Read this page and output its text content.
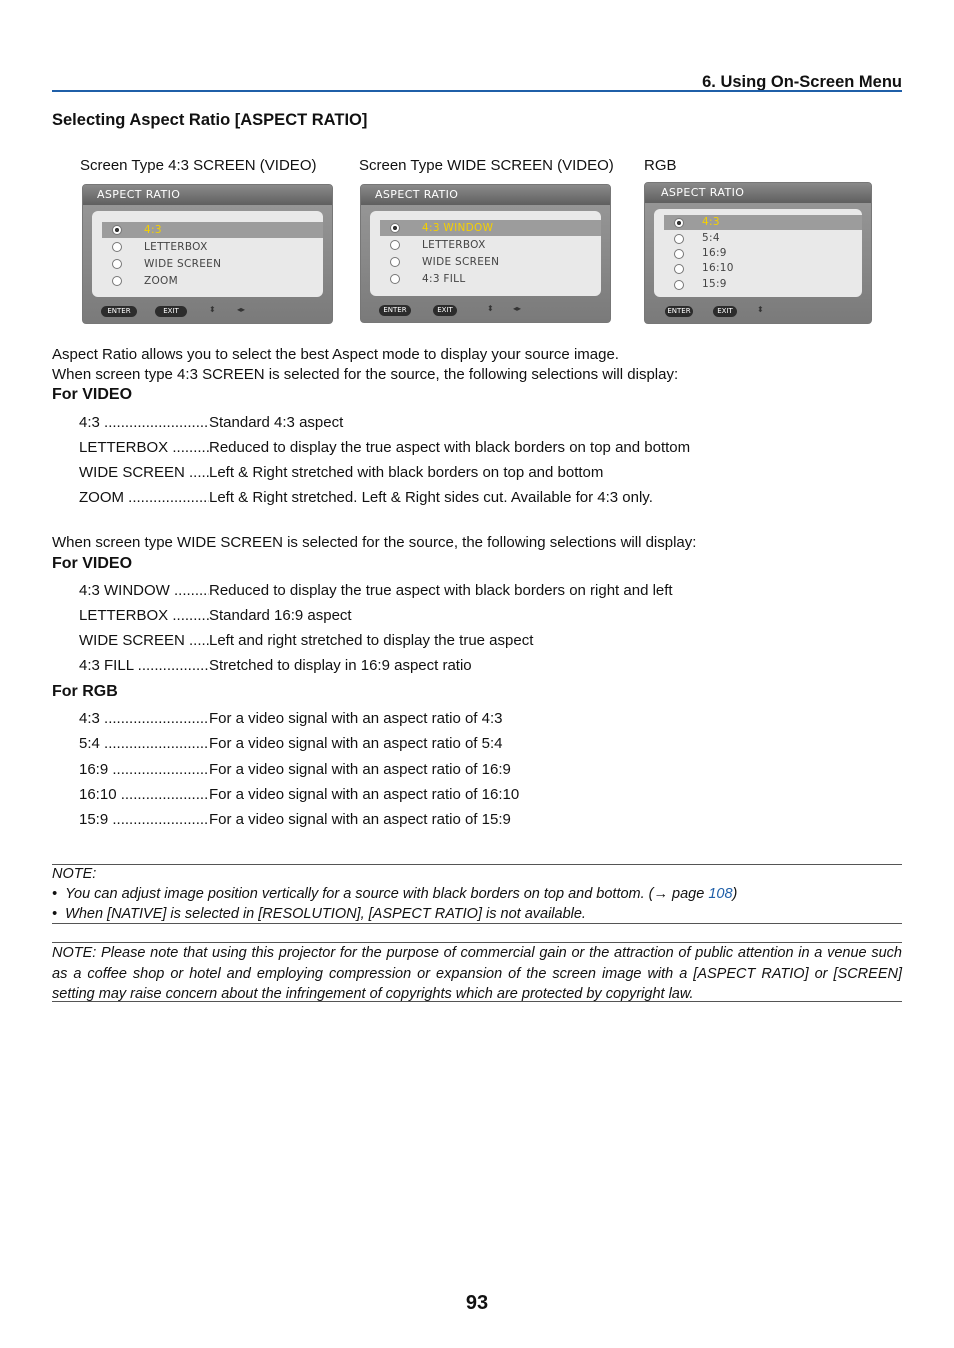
6. Using On-Screen Menu
Selecting Aspect Ratio [ASPECT RATIO]
Screen Type 4:3 SCREEN (VIDEO)	Screen Type WIDE SCREEN (VIDEO) RGB
ASPECT RATIO
4:3
LETTERBOX
WIDE SCREEN
ZOOM
ENTER	EXIT	⬍	◂▸
ASPECT RATIO
4:3 WINDOW
LETTERBOX
WIDE SCREEN
4:3 FILL
ENTER	EXIT	⬍ ◂▸
ASPECT RATIO
4:3
5:4
16:9
16:10
15:9
ENTER	EXIT	⬍

Aspect Ratio allows you to select the best Aspect mode to display your source image.

When screen type 4:3 SCREEN is selected for the source, the following selections will display:

For VIDEO
4:3 .....	Standard 4:3 aspect
LETTERBOX .....	Reduced to display the true aspect with black borders on top and bottom
WIDE SCREEN ..... Left & Right stretched with black borders on top and bottom
ZOOM .....	Left & Right stretched. Left & Right sides cut. Available for 4:3 only.

When screen type WIDE SCREEN is selected for the source, the following selections will display:

For VIDEO
4:3 WINDOW .....	Reduced to display the true aspect with black borders on right and left
LETTERBOX .....	Standard 16:9 aspect
WIDE SCREEN ..... Left and right stretched to display the true aspect
4:3 FILL .....	Stretched to display in 16:9 aspect ratio
For RGB
4:3 .....	For a video signal with an aspect ratio of 4:3
5:4 .....	For a video signal with an aspect ratio of 5:4
16:9 .....	For a video signal with an aspect ratio of 16:9
16:10 .....	For a video signal with an aspect ratio of 16:10
15:9 .....	For a video signal with an aspect ratio of 15:9
NOTE:
•  You can adjust image position vertically for a source with black borders on top and bottom. (→ page 108)
•  When [NATIVE] is selected in [RESOLUTION], [ASPECT RATIO] is not available.
NOTE: Please note that using this projector for the purpose of commercial gain or the attraction of public attention in a venue such as a coffee shop or hotel and employing compression or expansion of the screen image with a [ASPECT RATIO] or [SCREEN] setting may raise concern about the infringement of copyrights which are protected by copyright law.
93
